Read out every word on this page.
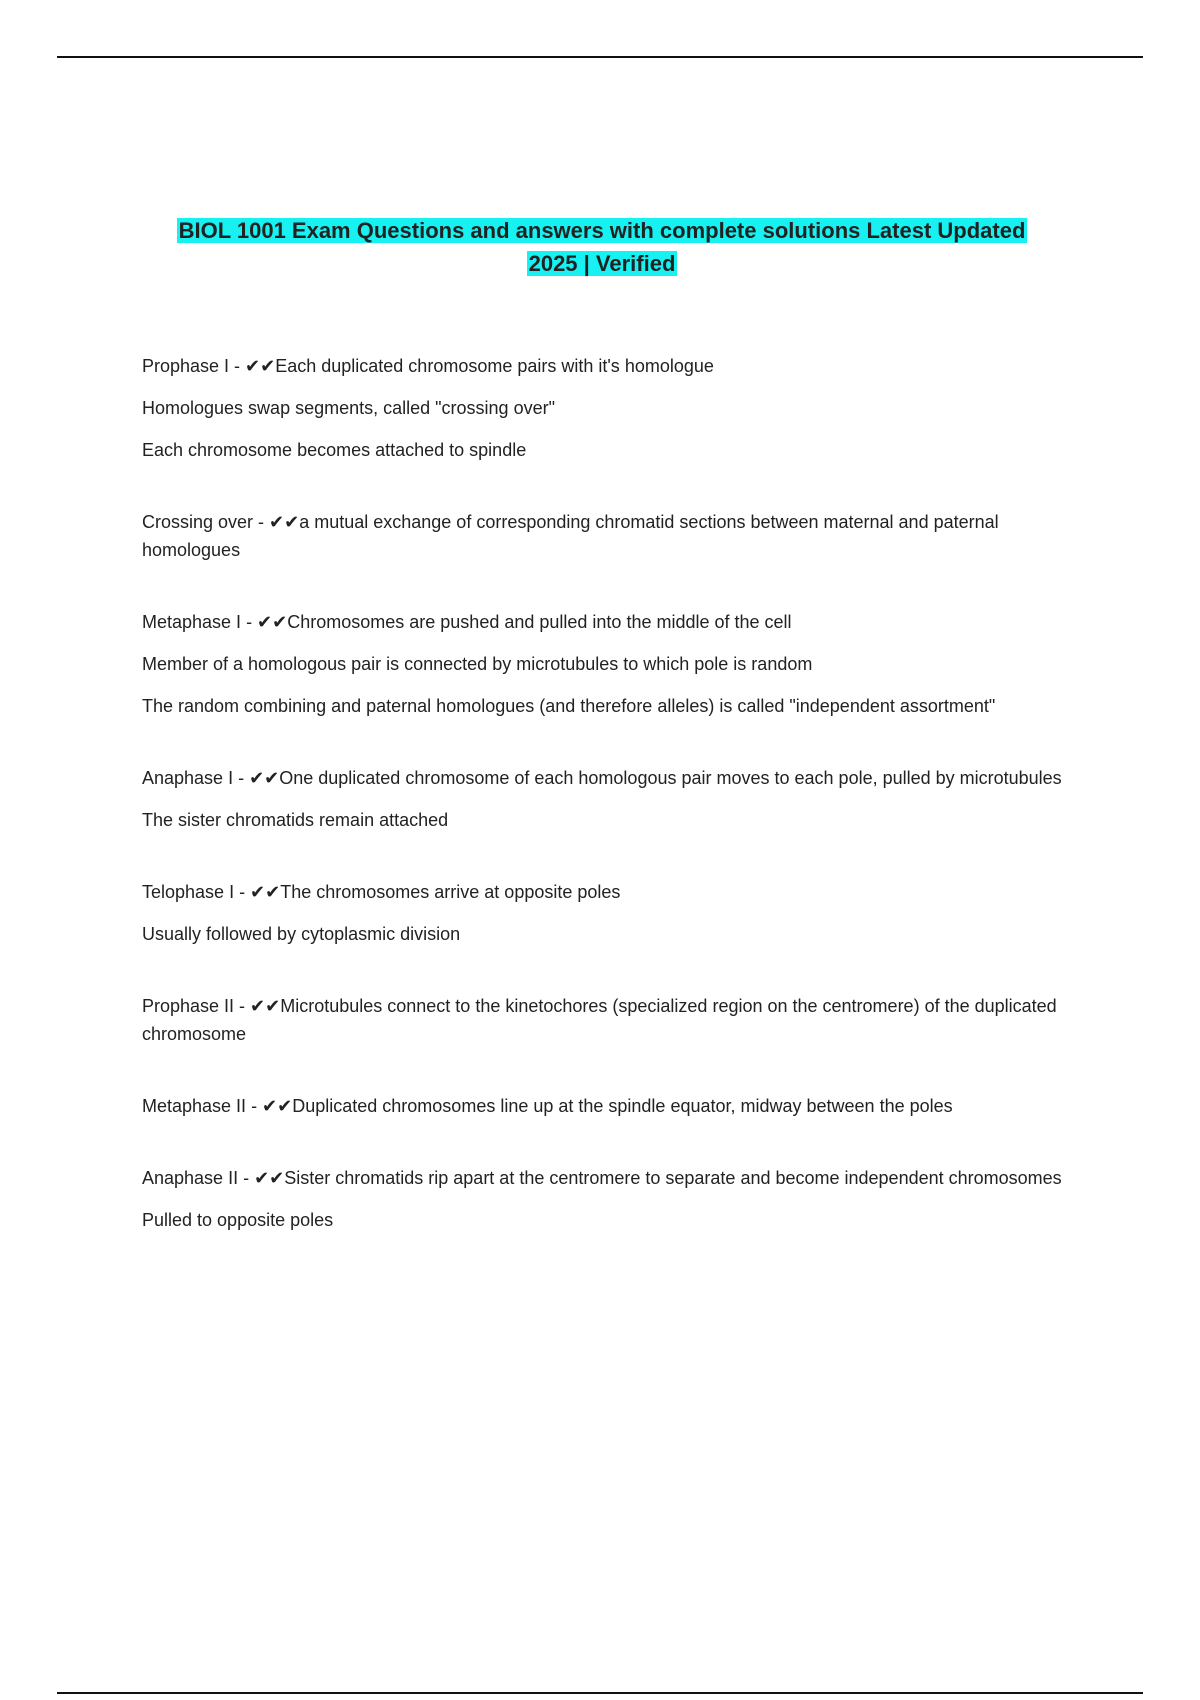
BIOL 1001 Exam Questions and answers with complete solutions Latest Updated
2025 | Verified

Prophase I - ✔✔Each duplicated chromosome pairs with it's homologue

Homologues swap segments, called "crossing over"

Each chromosome becomes attached to spindle

Crossing over - ✔✔a mutual exchange of corresponding chromatid sections between maternal and paternal homologues

Metaphase I - ✔✔Chromosomes are pushed and pulled into the middle of the cell

Member of a homologous pair is connected by microtubules to which pole is random

The random combining and paternal homologues (and therefore alleles) is called "independent assortment"

Anaphase I - ✔✔One duplicated chromosome of each homologous pair moves to each pole, pulled by microtubules

The sister chromatids remain attached

Telophase I - ✔✔The chromosomes arrive at opposite poles

Usually followed by cytoplasmic division

Prophase II - ✔✔Microtubules connect to the kinetochores (specialized region on the centromere) of the duplicated chromosome

Metaphase II - ✔✔Duplicated chromosomes line up at the spindle equator, midway between the poles

Anaphase II - ✔✔Sister chromatids rip apart at the centromere to separate and become independent chromosomes

Pulled to opposite poles
